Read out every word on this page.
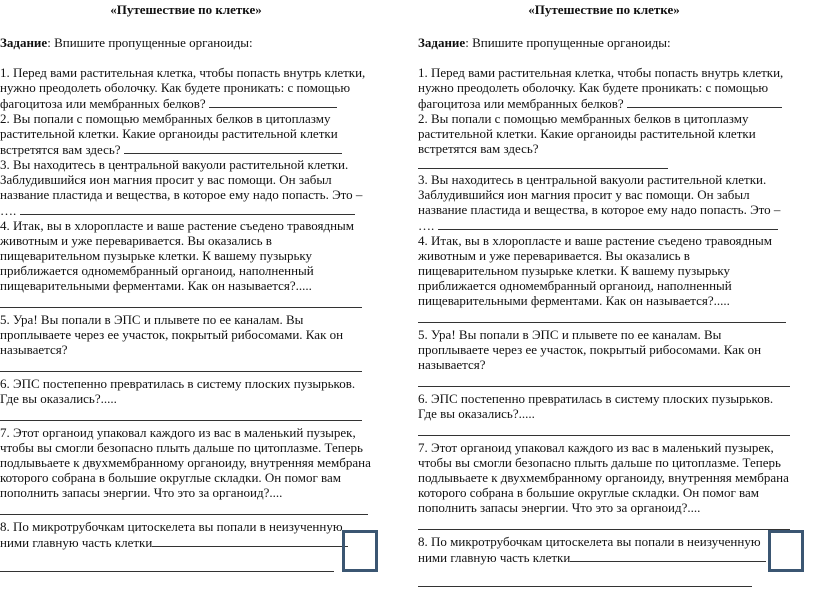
«Путешествие по клетке»
Задание: Впишите пропущенные органоиды:

1. Перед вами растительная клетка, чтобы попасть внутрь клетки, нужно преодолеть оболочку. Как будете проникать: с помощью фагоцитоза или мембранных белков?

2. Вы попали с помощью мембранных белков в цитоплазму растительной клетки. Какие органоиды растительной клетки встретятся вам здесь?

3. Вы находитесь в центральной вакуоли растительной клетки. Заблудившийся ион магния просит у вас помощи. Он забыл название пластида и вещества, в которое ему надо попасть. Это – ….

4. Итак, вы в хлоропласте и ваше растение съедено травоядным животным и уже переваривается. Вы оказались в пищеварительном пузырьке клетки. К вашему пузырьку приближается одномембранный органоид, наполненный пищеварительными ферментами. Как он называется?.....

5. Ура! Вы попали в ЭПС и плывете по ее каналам. Вы проплываете через ее участок, покрытый рибосомами. Как он называется?

6. ЭПС постепенно превратилась в систему плоских пузырьков. Где вы оказались?.....

7. Этот органоид упаковал каждого из вас в маленький пузырек, чтобы вы смогли безопасно плыть дальше по цитоплазме. Теперь подлывьаете к двухмембранному органоиду, внутренняя мембрана которого собрана в большие округлые складки. Он помог вам пополнить запасы энергии. Что это за органоид?....

8. По микротрубочкам цитоскелета вы попали в неизученную ними главную часть клетки

«Путешествие по клетке»
Задание: Впишите пропущенные органоиды:

1. Перед вами растительная клетка, чтобы попасть внутрь клетки, нужно преодолеть оболочку. Как будете проникать: с помощью фагоцитоза или мембранных белков?

2. Вы попали с помощью мембранных белков в цитоплазму растительной клетки. Какие органоиды растительной клетки встретятся вам здесь?

3. Вы находитесь в центральной вакуоли растительной клетки. Заблудившийся ион магния просит у вас помощи. Он забыл название пластида и вещества, в которое ему надо попасть. Это – ….

4. Итак, вы в хлоропласте и ваше растение съедено травоядным животным и уже переваривается. Вы оказались в пищеварительном пузырьке клетки. К вашему пузырьку приближается одномембранный органоид, наполненный пищеварительными ферментами. Как он называется?.....

5. Ура! Вы попали в ЭПС и плывете по ее каналам. Вы проплываете через ее участок, покрытый рибосомами. Как он называется?

6. ЭПС постепенно превратилась в систему плоских пузырьков. Где вы оказались?.....

7. Этот органоид упаковал каждого из вас в маленький пузырек, чтобы вы смогли безопасно плыть дальше по цитоплазме. Теперь подлывьаете к двухмембранному органоиду, внутренняя мембрана которого собрана в большие округлые складки. Он помог вам пополнить запасы энергии. Что это за органоид?....

8. По микротрубочкам цитоскелета вы попали в неизученную ними главную часть клетки
